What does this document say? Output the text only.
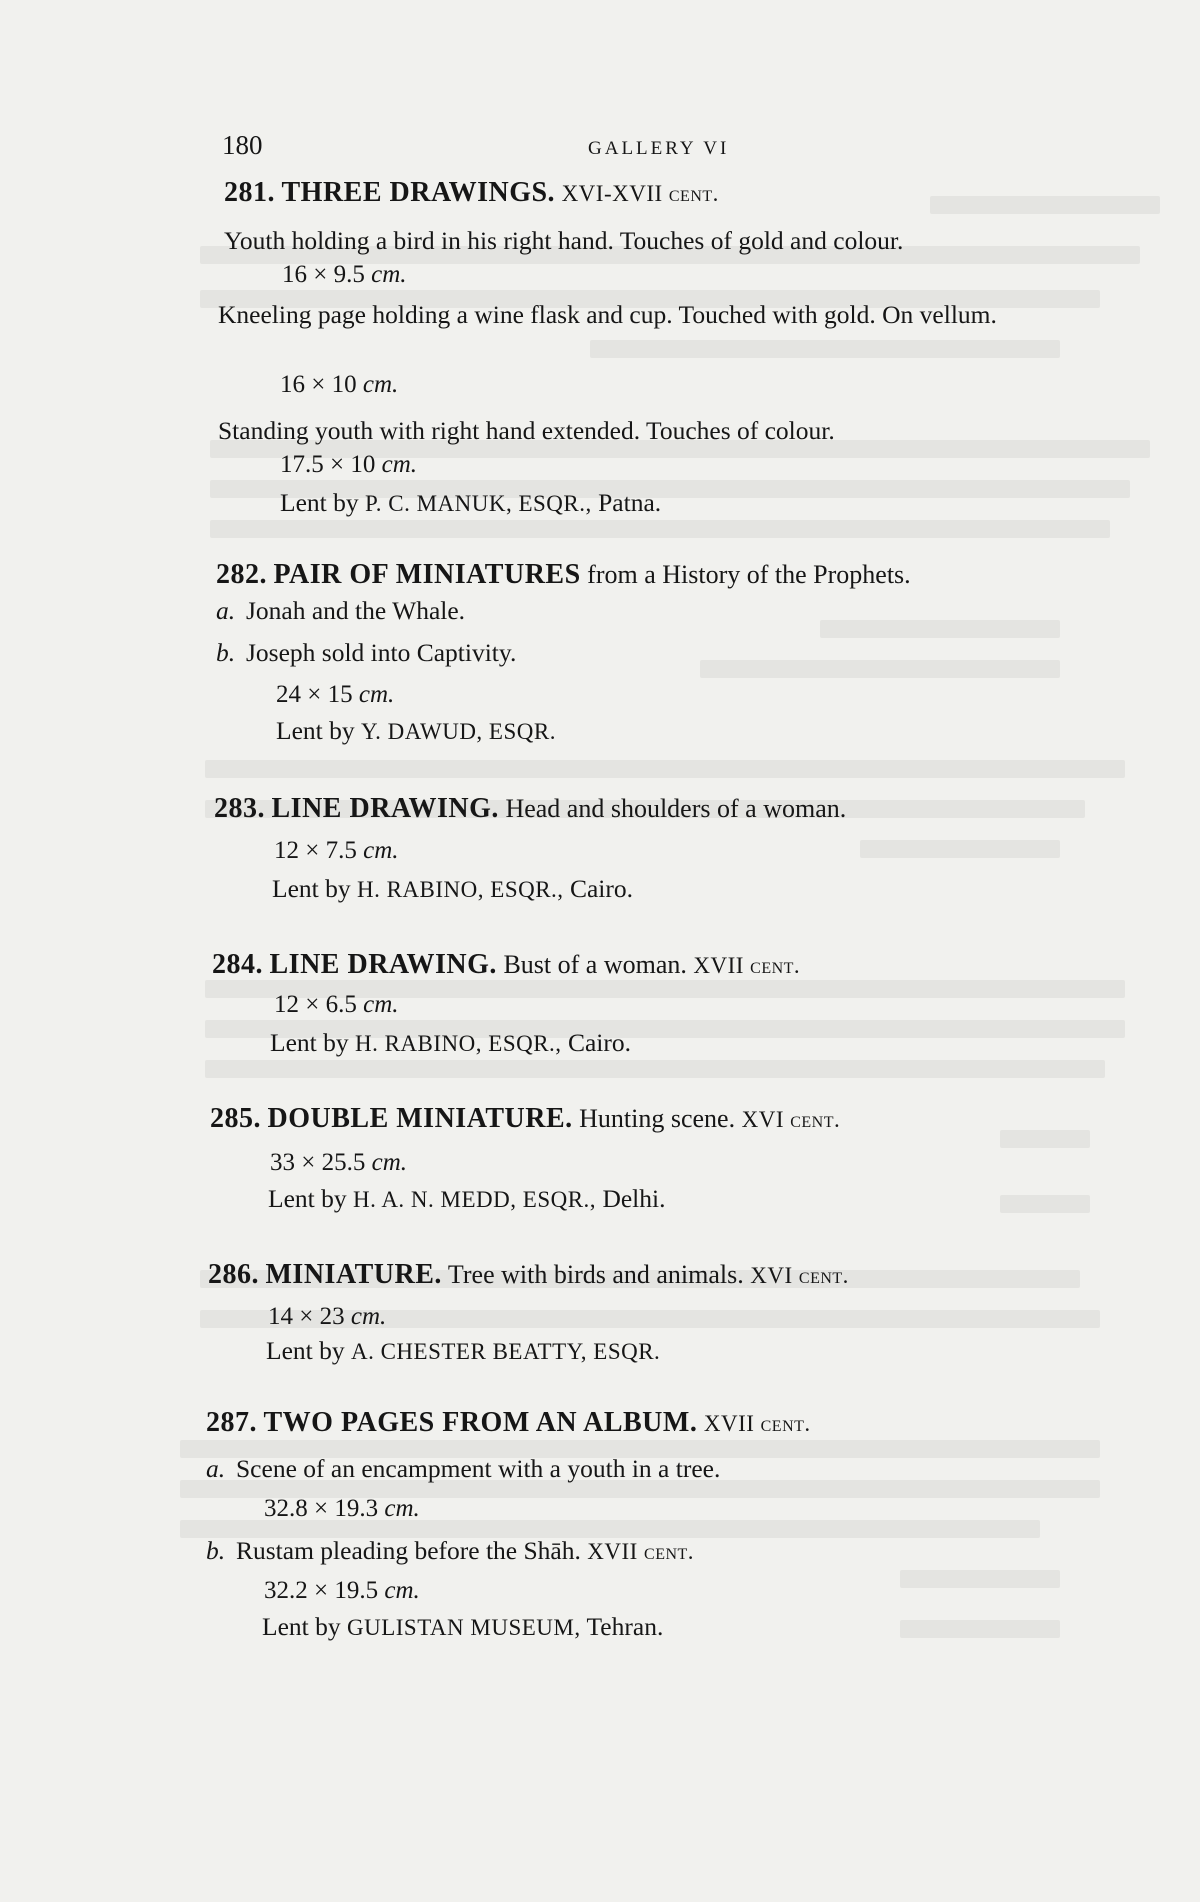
180	GALLERY VI
281. THREE DRAWINGS. XVI-XVII cent.
Youth holding a bird in his right hand. Touches of gold and colour.
16 × 9.5 cm.
Kneeling page holding a wine flask and cup. Touched with gold. On vellum.
16 × 10 cm.
Standing youth with right hand extended. Touches of colour.
17.5 × 10 cm.
Lent by P. C. MANUK, ESQR., Patna.
282. PAIR OF MINIATURES from a History of the Prophets.
a. Jonah and the Whale.
b. Joseph sold into Captivity.
24 × 15 cm.
Lent by Y. DAWUD, ESQR.
283. LINE DRAWING. Head and shoulders of a woman.
12 × 7.5 cm.
Lent by H. RABINO, ESQR., Cairo.
284. LINE DRAWING. Bust of a woman. XVII cent.
12 × 6.5 cm.
Lent by H. RABINO, ESQR., Cairo.
285. DOUBLE MINIATURE. Hunting scene. XVI cent.
33 × 25.5 cm.
Lent by H. A. N. MEDD, ESQR., Delhi.
286. MINIATURE. Tree with birds and animals. XVI cent.
14 × 23 cm.
Lent by A. CHESTER BEATTY, ESQR.
287. TWO PAGES FROM AN ALBUM. XVII cent.
a. Scene of an encampment with a youth in a tree.
32.8 × 19.3 cm.
b. Rustam pleading before the Shāh. XVII cent.
32.2 × 19.5 cm.
Lent by GULISTAN MUSEUM, Tehran.
